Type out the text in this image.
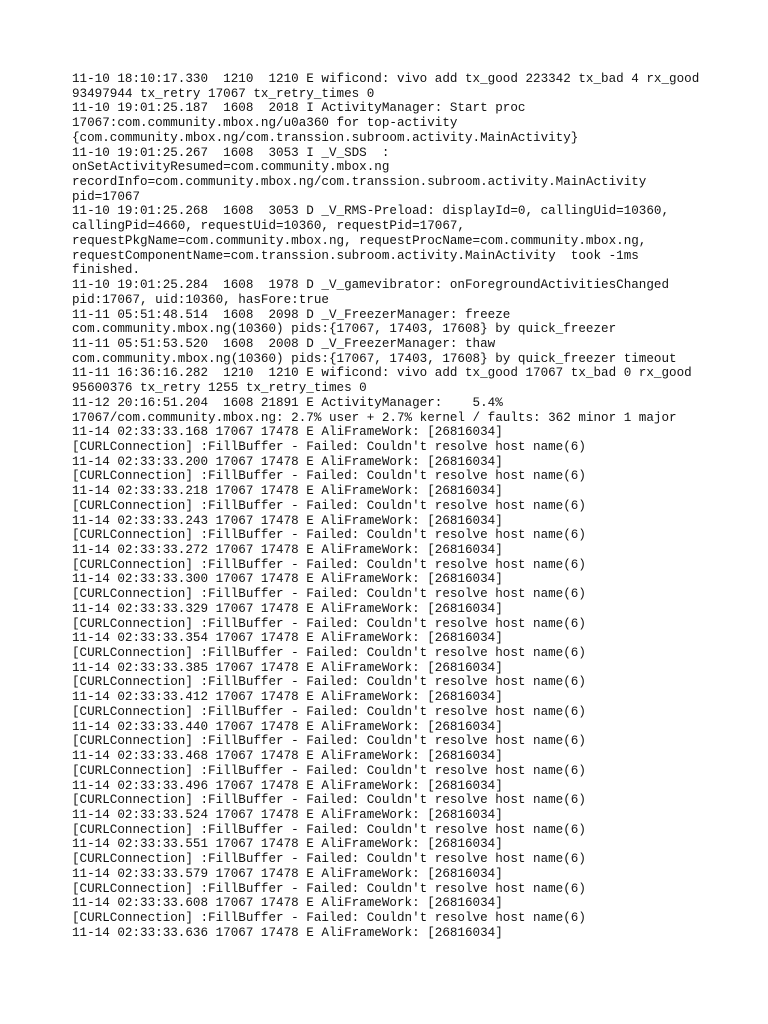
11-10 18:10:17.330  1210  1210 E wificond: vivo add tx_good 223342 tx_bad 4 rx_good

93497944 tx_retry 17067 tx_retry_times 0

11-10 19:01:25.187  1608  2018 I ActivityManager: Start proc

17067:com.community.mbox.ng/u0a360 for top-activity

{com.community.mbox.ng/com.transsion.subroom.activity.MainActivity}

11-10 19:01:25.267  1608  3053 I _V_SDS  :

onSetActivityResumed=com.community.mbox.ng

recordInfo=com.community.mbox.ng/com.transsion.subroom.activity.MainActivity

pid=17067

11-10 19:01:25.268  1608  3053 D _V_RMS-Preload: displayId=0, callingUid=10360,

callingPid=4660, requestUid=10360, requestPid=17067,

requestPkgName=com.community.mbox.ng, requestProcName=com.community.mbox.ng,

requestComponentName=com.transsion.subroom.activity.MainActivity  took -1ms

finished.

11-10 19:01:25.284  1608  1978 D _V_gamevibrator: onForegroundActivitiesChanged

pid:17067, uid:10360, hasFore:true

11-11 05:51:48.514  1608  2098 D _V_FreezerManager: freeze

com.community.mbox.ng(10360) pids:{17067, 17403, 17608} by quick_freezer

11-11 05:51:53.520  1608  2008 D _V_FreezerManager: thaw

com.community.mbox.ng(10360) pids:{17067, 17403, 17608} by quick_freezer timeout

11-11 16:36:16.282  1210  1210 E wificond: vivo add tx_good 17067 tx_bad 0 rx_good

95600376 tx_retry 1255 tx_retry_times 0

11-12 20:16:51.204  1608 21891 E ActivityManager:    5.4%

17067/com.community.mbox.ng: 2.7% user + 2.7% kernel / faults: 362 minor 1 major

11-14 02:33:33.168 17067 17478 E AliFrameWork: [26816034]

[CURLConnection] :FillBuffer - Failed: Couldn't resolve host name(6)

11-14 02:33:33.200 17067 17478 E AliFrameWork: [26816034]

[CURLConnection] :FillBuffer - Failed: Couldn't resolve host name(6)

11-14 02:33:33.218 17067 17478 E AliFrameWork: [26816034]

[CURLConnection] :FillBuffer - Failed: Couldn't resolve host name(6)

11-14 02:33:33.243 17067 17478 E AliFrameWork: [26816034]

[CURLConnection] :FillBuffer - Failed: Couldn't resolve host name(6)

11-14 02:33:33.272 17067 17478 E AliFrameWork: [26816034]

[CURLConnection] :FillBuffer - Failed: Couldn't resolve host name(6)

11-14 02:33:33.300 17067 17478 E AliFrameWork: [26816034]

[CURLConnection] :FillBuffer - Failed: Couldn't resolve host name(6)

11-14 02:33:33.329 17067 17478 E AliFrameWork: [26816034]

[CURLConnection] :FillBuffer - Failed: Couldn't resolve host name(6)

11-14 02:33:33.354 17067 17478 E AliFrameWork: [26816034]

[CURLConnection] :FillBuffer - Failed: Couldn't resolve host name(6)

11-14 02:33:33.385 17067 17478 E AliFrameWork: [26816034]

[CURLConnection] :FillBuffer - Failed: Couldn't resolve host name(6)

11-14 02:33:33.412 17067 17478 E AliFrameWork: [26816034]

[CURLConnection] :FillBuffer - Failed: Couldn't resolve host name(6)

11-14 02:33:33.440 17067 17478 E AliFrameWork: [26816034]

[CURLConnection] :FillBuffer - Failed: Couldn't resolve host name(6)

11-14 02:33:33.468 17067 17478 E AliFrameWork: [26816034]

[CURLConnection] :FillBuffer - Failed: Couldn't resolve host name(6)

11-14 02:33:33.496 17067 17478 E AliFrameWork: [26816034]

[CURLConnection] :FillBuffer - Failed: Couldn't resolve host name(6)

11-14 02:33:33.524 17067 17478 E AliFrameWork: [26816034]

[CURLConnection] :FillBuffer - Failed: Couldn't resolve host name(6)

11-14 02:33:33.551 17067 17478 E AliFrameWork: [26816034]

[CURLConnection] :FillBuffer - Failed: Couldn't resolve host name(6)

11-14 02:33:33.579 17067 17478 E AliFrameWork: [26816034]

[CURLConnection] :FillBuffer - Failed: Couldn't resolve host name(6)

11-14 02:33:33.608 17067 17478 E AliFrameWork: [26816034]

[CURLConnection] :FillBuffer - Failed: Couldn't resolve host name(6)

11-14 02:33:33.636 17067 17478 E AliFrameWork: [26816034]
